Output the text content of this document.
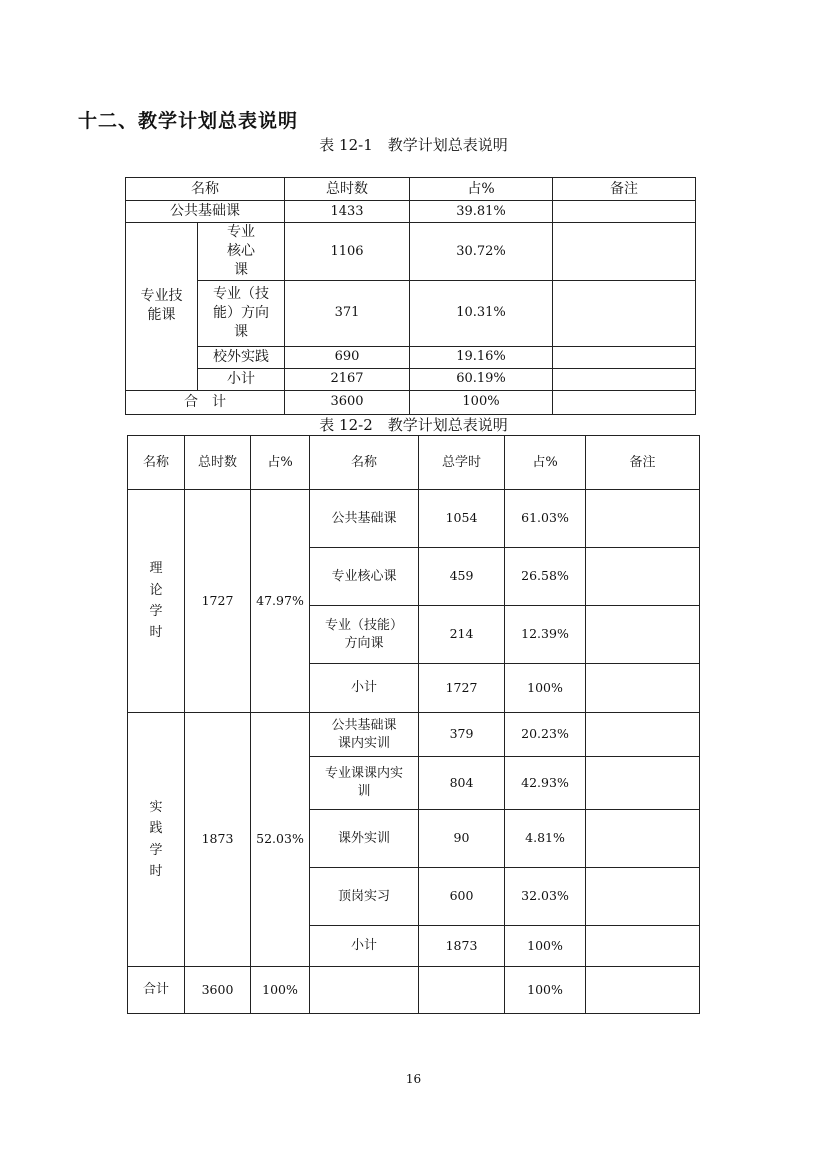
十二、教学计划总表说明
表 12-1　教学计划总表说明
名称		总时数	占%	备注
公共基础课		1433	39.81%	
专业技能课	专业核心课	1106	30.72%	
	专业（技能）方向课	371	10.31%	
	校外实践	690	19.16%	
	小计	2167	60.19%	
合　计		3600	100%	
表 12-2　教学计划总表说明
名称	总时数	占%	名称	总学时	占%	备注
理论学时	1727	47.97%	公共基础课	1054	61.03%	
			专业核心课	459	26.58%	
			专业（技能）方向课	214	12.39%	
			小计	1727	100%	
实践学时	1873	52.03%	公共基础课课内实训	379	20.23%	
			专业课课内实训	804	42.93%	
			课外实训	90	4.81%	
			顶岗实习	600	32.03%	
			小计	1873	100%	
合计	3600	100%			100%	
16
